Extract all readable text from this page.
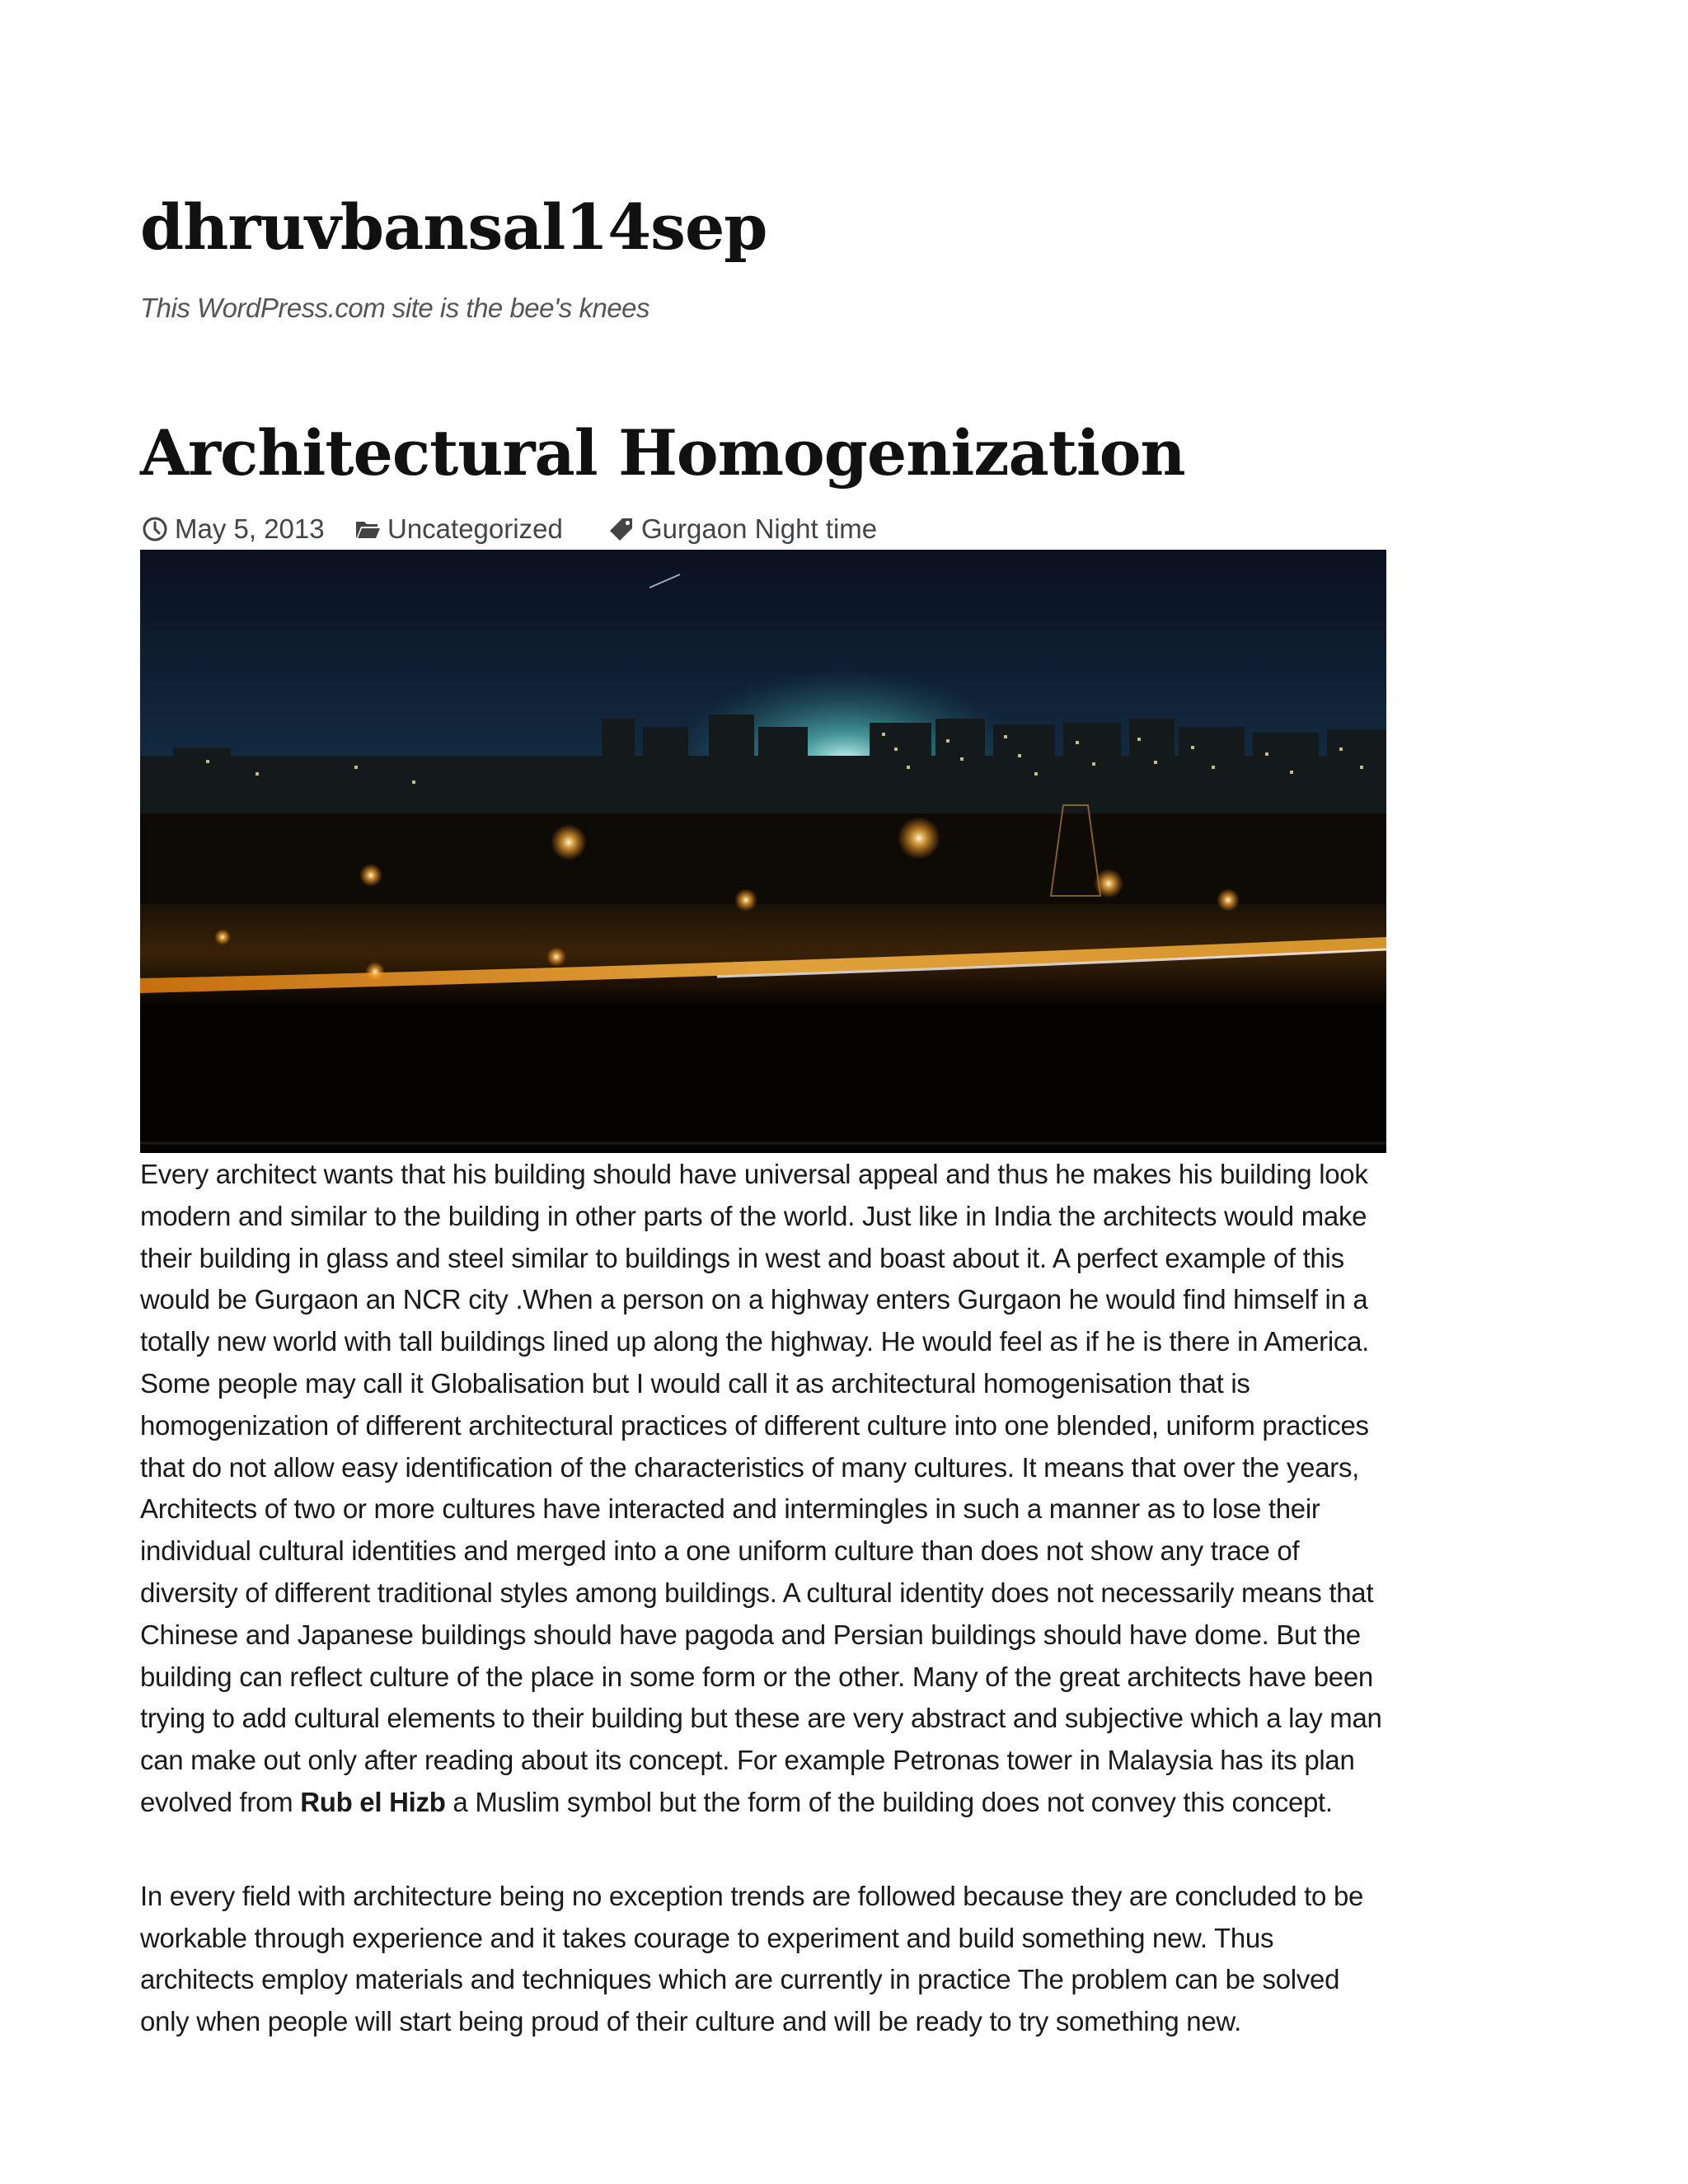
dhruvbansal14sep
This WordPress.com site is the bee's knees
Architectural Homogenization
May 5, 2013 Uncategorized	Gurgaon Night time

Every architect wants that his building should have universal appeal and thus he makes his building look modern and similar to the building in other parts of the world. Just like in India the architects would make their building in glass and steel similar to buildings in west and boast about it. A perfect example of this would be Gurgaon an NCR city .When a person on a highway enters Gurgaon he would find himself in a totally new world with tall buildings lined up along the highway. He would feel as if he is there in America. Some people may call it Globalisation but I would call it as architectural homogenisation that is homogenization of different architectural practices of different culture into one blended, uniform practices that do not allow easy identification of the characteristics of many cultures. It means that over the years, Architects of two or more cultures have interacted and intermingles in such a manner as to lose their individual cultural identities and merged into a one uniform culture than does not show any trace of diversity of different traditional styles among buildings. A cultural identity does not necessarily means that Chinese and Japanese buildings should have pagoda and Persian buildings should have dome. But the building can reflect culture of the place in some form or the other. Many of the great architects have been trying to add cultural elements to their building but these are very abstract and subjective which a lay man can make out only after reading about its concept. For example Petronas tower in Malaysia has its plan evolved from Rub el Hizb a Muslim symbol but the form of the building does not convey this concept.

In every field with architecture being no exception trends are followed because they are concluded to be workable through experience and it takes courage to experiment and build something new. Thus architects employ materials and techniques which are currently in practice The problem can be solved only when people will start being proud of their culture and will be ready to try something new.
